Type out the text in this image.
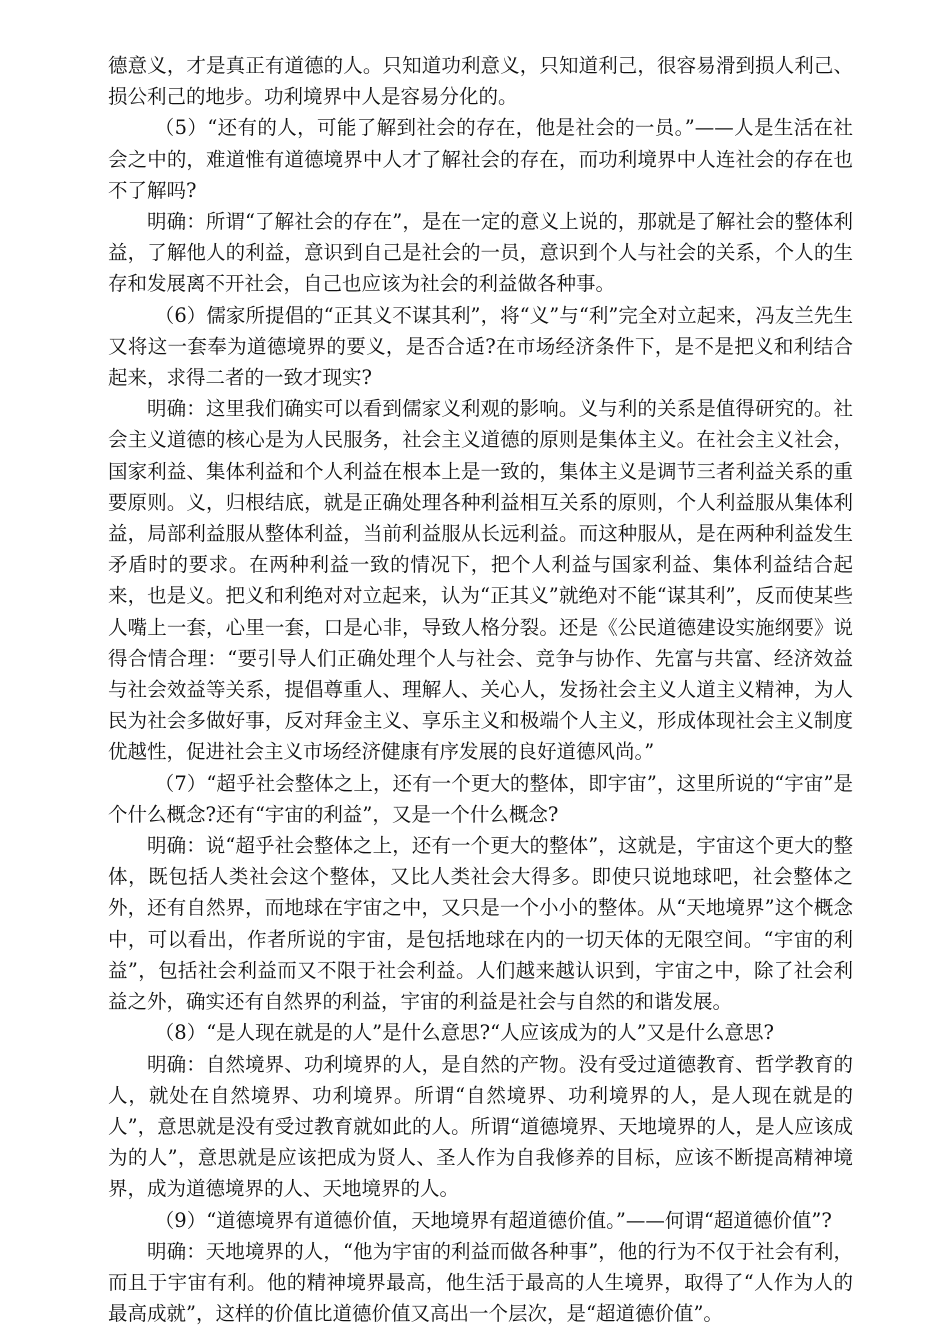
德意义，才是真正有道德的人。只知道功利意义，只知道利己，很容易滑到损人利己、损公利己的地步。功利境界中人是容易分化的。

（5）“还有的人，可能了解到社会的存在，他是社会的一员。”——人是生活在社会之中的，难道惟有道德境界中人才了解社会的存在，而功利境界中人连社会的存在也不了解吗?

明确：所谓“了解社会的存在”，是在一定的意义上说的，那就是了解社会的整体利益，了解他人的利益，意识到自己是社会的一员，意识到个人与社会的关系，个人的生存和发展离不开社会，自己也应该为社会的利益做各种事。

（6）儒家所提倡的“正其义不谋其利”，将“义”与“利”完全对立起来，冯友兰先生又将这一套奉为道德境界的要义，是否合适?在市场经济条件下，是不是把义和利结合起来，求得二者的一致才现实?

明确：这里我们确实可以看到儒家义利观的影响。义与利的关系是值得研究的。社会主义道德的核心是为人民服务，社会主义道德的原则是集体主义。在社会主义社会，国家利益、集体利益和个人利益在根本上是一致的，集体主义是调节三者利益关系的重要原则。义，归根结底，就是正确处理各种利益相互关系的原则，个人利益服从集体利益，局部利益服从整体利益，当前利益服从长远利益。而这种服从，是在两种利益发生矛盾时的要求。在两种利益一致的情况下，把个人利益与国家利益、集体利益结合起来，也是义。把义和利绝对对立起来，认为“正其义”就绝对不能“谋其利”，反而使某些人嘴上一套，心里一套，口是心非，导致人格分裂。还是《公民道德建设实施纲要》说得合情合理：“要引导人们正确处理个人与社会、竞争与协作、先富与共富、经济效益与社会效益等关系，提倡尊重人、理解人、关心人，发扬社会主义人道主义精神，为人民为社会多做好事，反对拜金主义、享乐主义和极端个人主义，形成体现社会主义制度优越性，促进社会主义市场经济健康有序发展的良好道德风尚。”

（7）“超乎社会整体之上，还有一个更大的整体，即宇宙”，这里所说的“宇宙”是个什么概念?还有“宇宙的利益”，又是一个什么概念?

明确：说“超乎社会整体之上，还有一个更大的整体”，这就是，宇宙这个更大的整体，既包括人类社会这个整体，又比人类社会大得多。即使只说地球吧，社会整体之外，还有自然界，而地球在宇宙之中，又只是一个小小的整体。从“天地境界”这个概念中，可以看出，作者所说的宇宙，是包括地球在内的一切天体的无限空间。“宇宙的利益”，包括社会利益而又不限于社会利益。人们越来越认识到，宇宙之中，除了社会利益之外，确实还有自然界的利益，宇宙的利益是社会与自然的和谐发展。

（8）“是人现在就是的人”是什么意思?“人应该成为的人”又是什么意思?

明确：自然境界、功利境界的人，是自然的产物。没有受过道德教育、哲学教育的人，就处在自然境界、功利境界。所谓“自然境界、功利境界的人，是人现在就是的人”，意思就是没有受过教育就如此的人。所谓“道德境界、天地境界的人，是人应该成为的人”，意思就是应该把成为贤人、圣人作为自我修养的目标，应该不断提高精神境界，成为道德境界的人、天地境界的人。

（9）“道德境界有道德价值，天地境界有超道德价值。”——何谓“超道德价值”?

明确：天地境界的人，“他为宇宙的利益而做各种事”，他的行为不仅于社会有利，而且于宇宙有利。他的精神境界最高，他生活于最高的人生境界，取得了“人作为人的最高成就”，这样的价值比道德价值又高出一个层次，是“超道德价值”。
